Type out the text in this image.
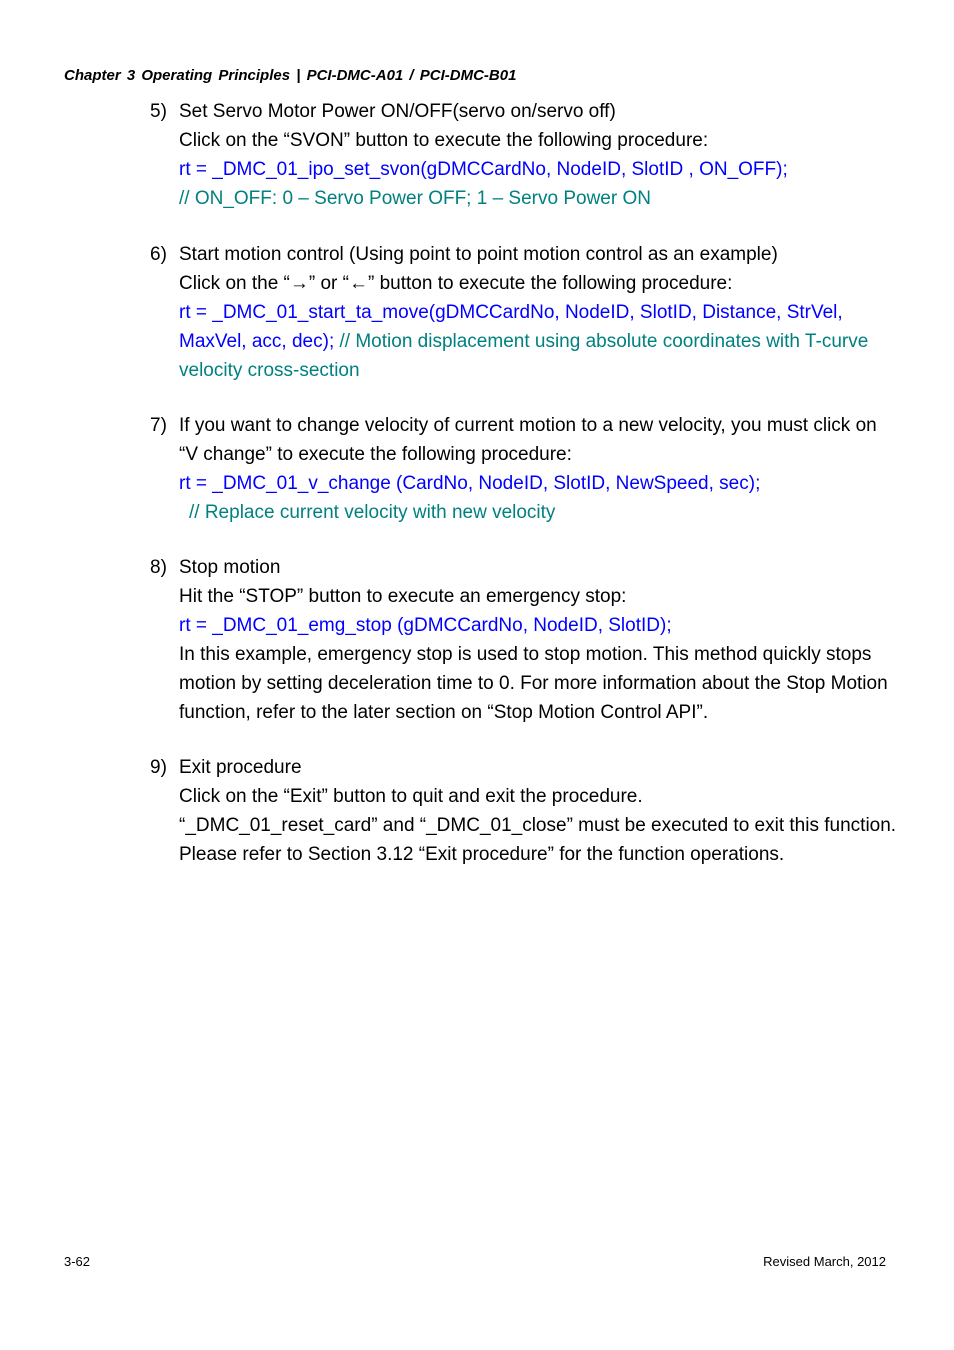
Chapter 3 Operating Principles | PCI-DMC-A01 / PCI-DMC-B01
5) Set Servo Motor Power ON/OFF(servo on/servo off)
Click on the “SVON” button to execute the following procedure:
rt = _DMC_01_ipo_set_svon(gDMCCardNo, NodeID, SlotID , ON_OFF);
// ON_OFF: 0 – Servo Power OFF; 1 – Servo Power ON
6) Start motion control (Using point to point motion control as an example)
Click on the “→” or “←” button to execute the following procedure:
rt = _DMC_01_start_ta_move(gDMCCardNo, NodeID, SlotID, Distance, StrVel, MaxVel, acc, dec); // Motion displacement using absolute coordinates with T-curve velocity cross-section
7) If you want to change velocity of current motion to a new velocity, you must click on “V change” to execute the following procedure:
rt = _DMC_01_v_change (CardNo, NodeID, SlotID, NewSpeed, sec);
// Replace current velocity with new velocity
8) Stop motion
Hit the “STOP” button to execute an emergency stop:
rt = _DMC_01_emg_stop (gDMCCardNo, NodeID, SlotID);
In this example, emergency stop is used to stop motion. This method quickly stops motion by setting deceleration time to 0. For more information about the Stop Motion function, refer to the later section on “Stop Motion Control API”.
9) Exit procedure
Click on the “Exit” button to quit and exit the procedure.
“_DMC_01_reset_card” and “_DMC_01_close” must be executed to exit this function. Please refer to Section 3.12 “Exit procedure” for the function operations.
3-62	Revised March, 2012
